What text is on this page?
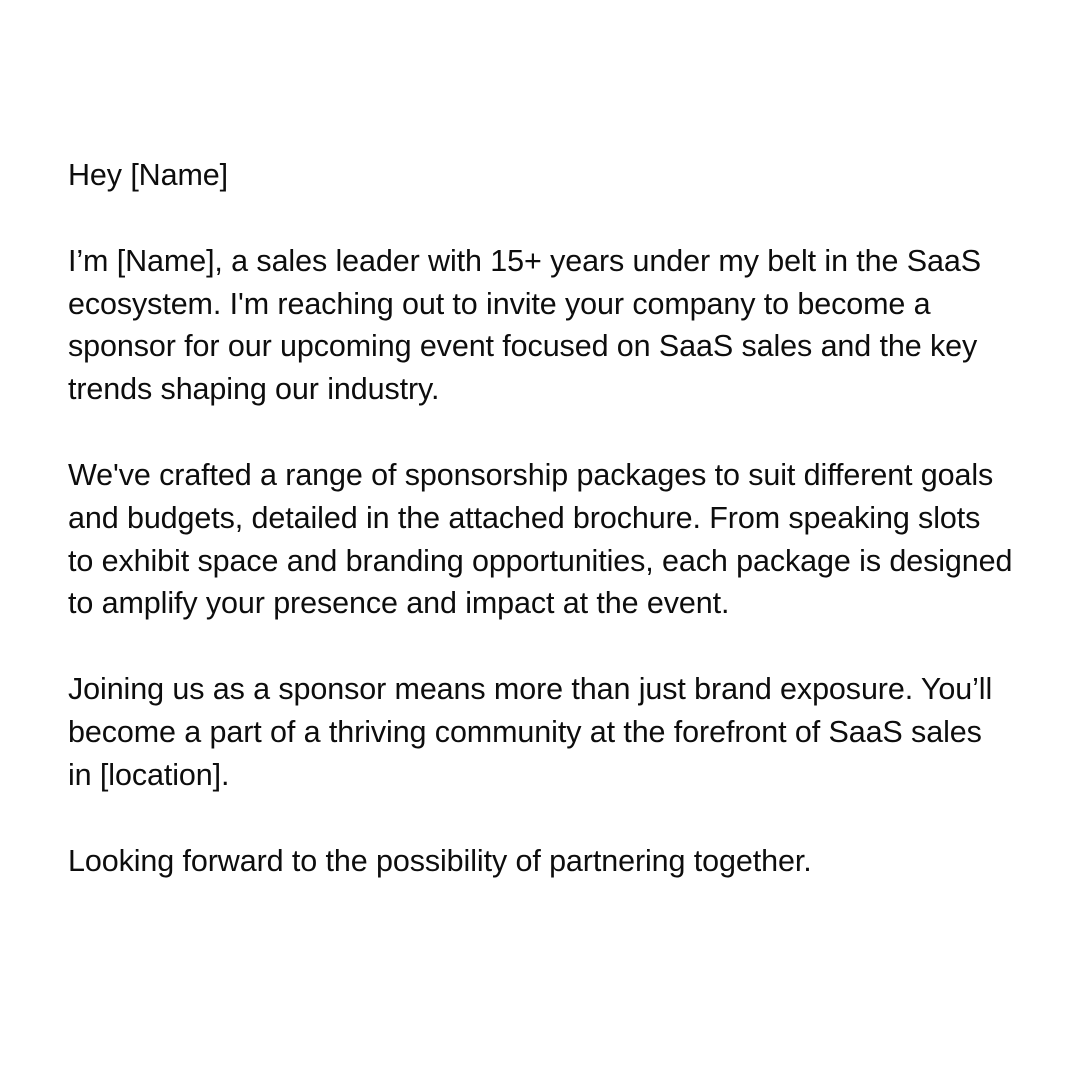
Hey [Name]

I’m [Name], a sales leader with 15+ years under my belt in the SaaS ecosystem. I'm reaching out to invite your company to become a sponsor for our upcoming event focused on SaaS sales and the key trends shaping our industry.

We've crafted a range of sponsorship packages to suit different goals and budgets, detailed in the attached brochure. From speaking slots to exhibit space and branding opportunities, each package is designed to amplify your presence and impact at the event.

Joining us as a sponsor means more than just brand exposure. You’ll become a part of a thriving community at the forefront of SaaS sales in [location].

Looking forward to the possibility of partnering together.
